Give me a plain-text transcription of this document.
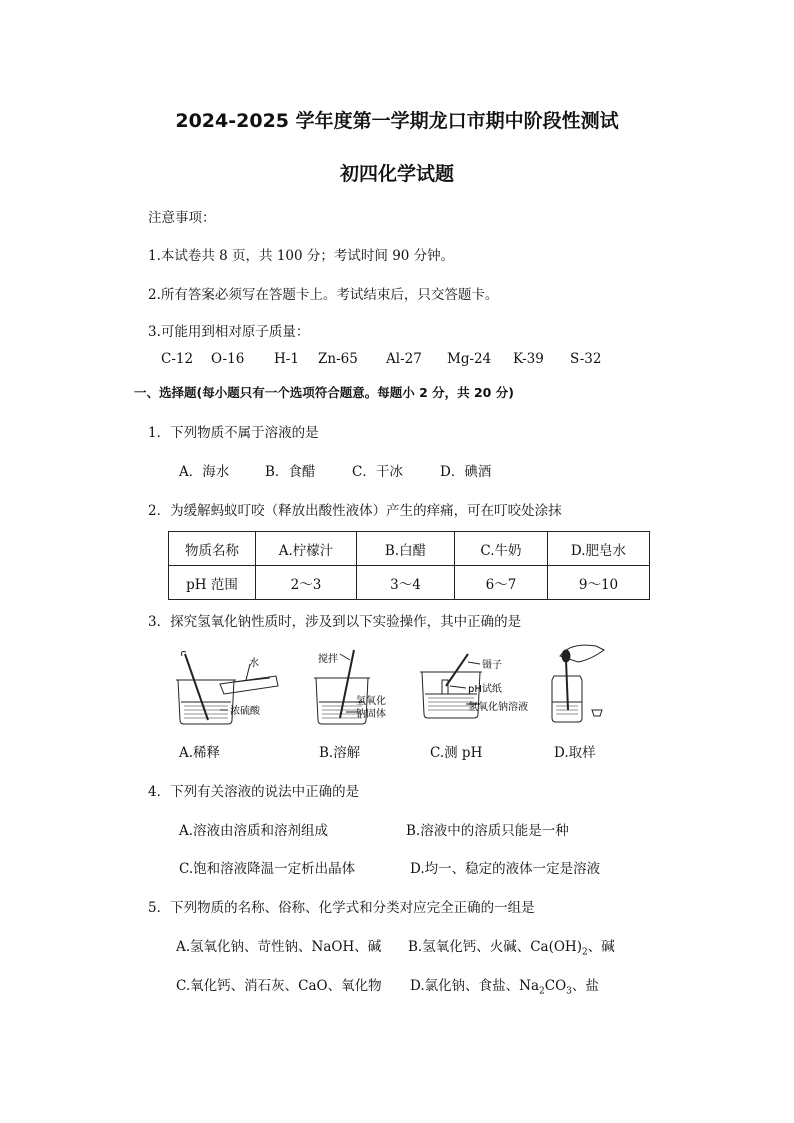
2024-2025 学年度第一学期龙口市期中阶段性测试
初四化学试题
注意事项：
1.本试卷共 8 页，共 100 分；考试时间 90 分钟。
2.所有答案必须写在答题卡上。考试结束后，只交答题卡。
3.可能用到相对原子质量：
C-12 O-16 H-1 Zn-65 Al-27 Mg-24 K-39 S-32
一、选择题(每小题只有一个选项符合题意。每题小 2 分，共 20 分)
1．下列物质不属于溶液的是
A．海水	B．食醋	C．干冰	D．碘酒
2．为缓解蚂蚁叮咬（释放出酸性液体）产生的痒痛，可在叮咬处涂抹
物质名称	A.柠檬汁	B.白醋	C.牛奶	D.肥皂水
pH 范围	2～3	3～4	6～7	9～10
3．探究氢氧化钠性质时，涉及到以下实验操作，其中正确的是
水
浓硫酸
搅拌
氢氧化
钠固体
镊子
pH试纸
氢氧化钠溶液
A.稀释	B.溶解	C.测 pH	D.取样
4．下列有关溶液的说法中正确的是
A.溶液由溶质和溶剂组成	B.溶液中的溶质只能是一种
C.饱和溶液降温一定析出晶体	D.均一、稳定的液体一定是溶液
5．下列物质的名称、俗称、化学式和分类对应完全正确的一组是
A.氢氧化钠、苛性钠、NaOH、碱 B.氢氧化钙、火碱、$Ca(OH)_2$、碱
C.氧化钙、消石灰、CaO、氧化物 D.氯化钠、食盐、$Na_2CO_3$、盐
